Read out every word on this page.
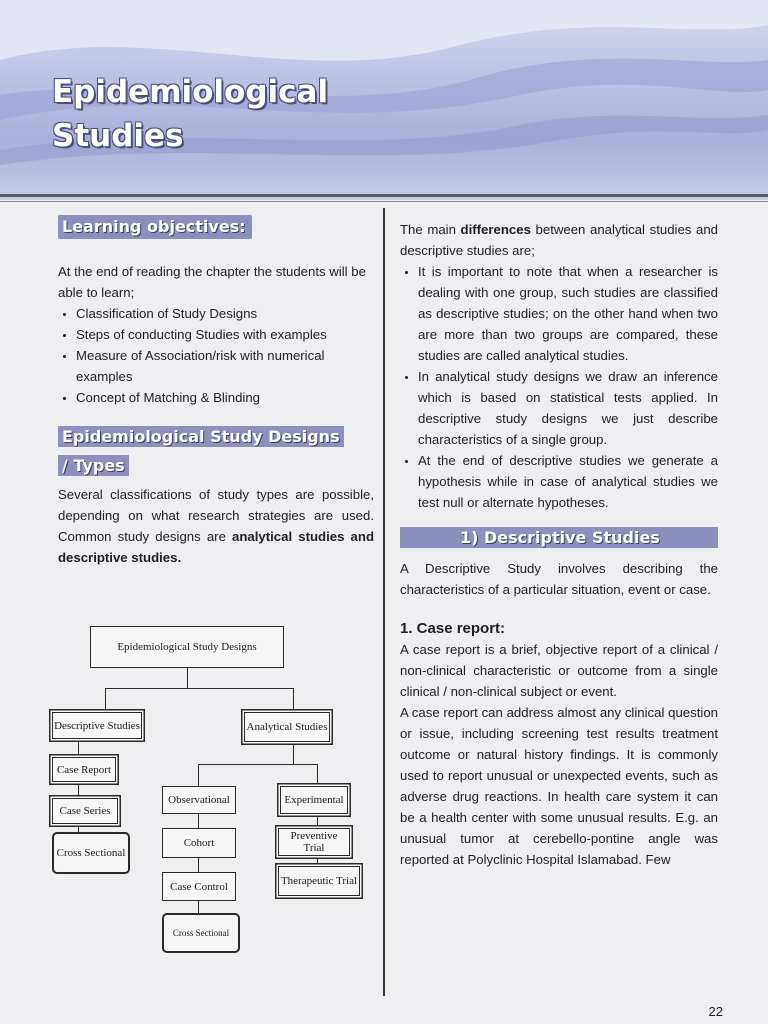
Epidemiological
Studies
Learning objectives:

At the end of reading the chapter the students will be able to learn;

• Classification of Study Designs
• Steps of conducting Studies with examples
• Measure of Association/risk with numerical examples
• Concept of Matching & Blinding
Epidemiological Study Designs
/ Types

Several classifications of study types are possible, depending on what research strategies are used. Common study designs are analytical studies and descriptive studies.

Epidemiological Study Designs
Descriptive Studies	Analytical Studies
Case Report
Case Series
Cross Sectional
Observational	Experimental
Cohort
Preventive Trial
Case Control	Therapeutic Trial
Cross Sectional

The main differences between analytical studies and descriptive studies are;

• It is important to note that when a researcher is dealing with one group, such studies are classified as descriptive studies; on the other hand when two are more than two groups are compared, these studies are called analytical studies.
• In analytical study designs we draw an inference which is based on statistical tests applied. In descriptive study designs we just describe characteristics of a single group.
• At the end of descriptive studies we generate a hypothesis while in case of analytical studies we test null or alternate hypotheses.
1) Descriptive Studies

A Descriptive Study involves describing the characteristics of a particular situation, event or case.

1. Case report:

A case report is a brief, objective report of a clinical / non-clinical characteristic or outcome from a single clinical / non-clinical subject or event.

A case report can address almost any clinical question or issue, including screening test results treatment outcome or natural history findings. It is commonly used to report unusual or unexpected events, such as adverse drug reactions. In health care system it can be a health center with some unusual results. E.g. an unusual tumor at cerebello-pontine angle was reported at Polyclinic Hospital Islamabad. Few

22
